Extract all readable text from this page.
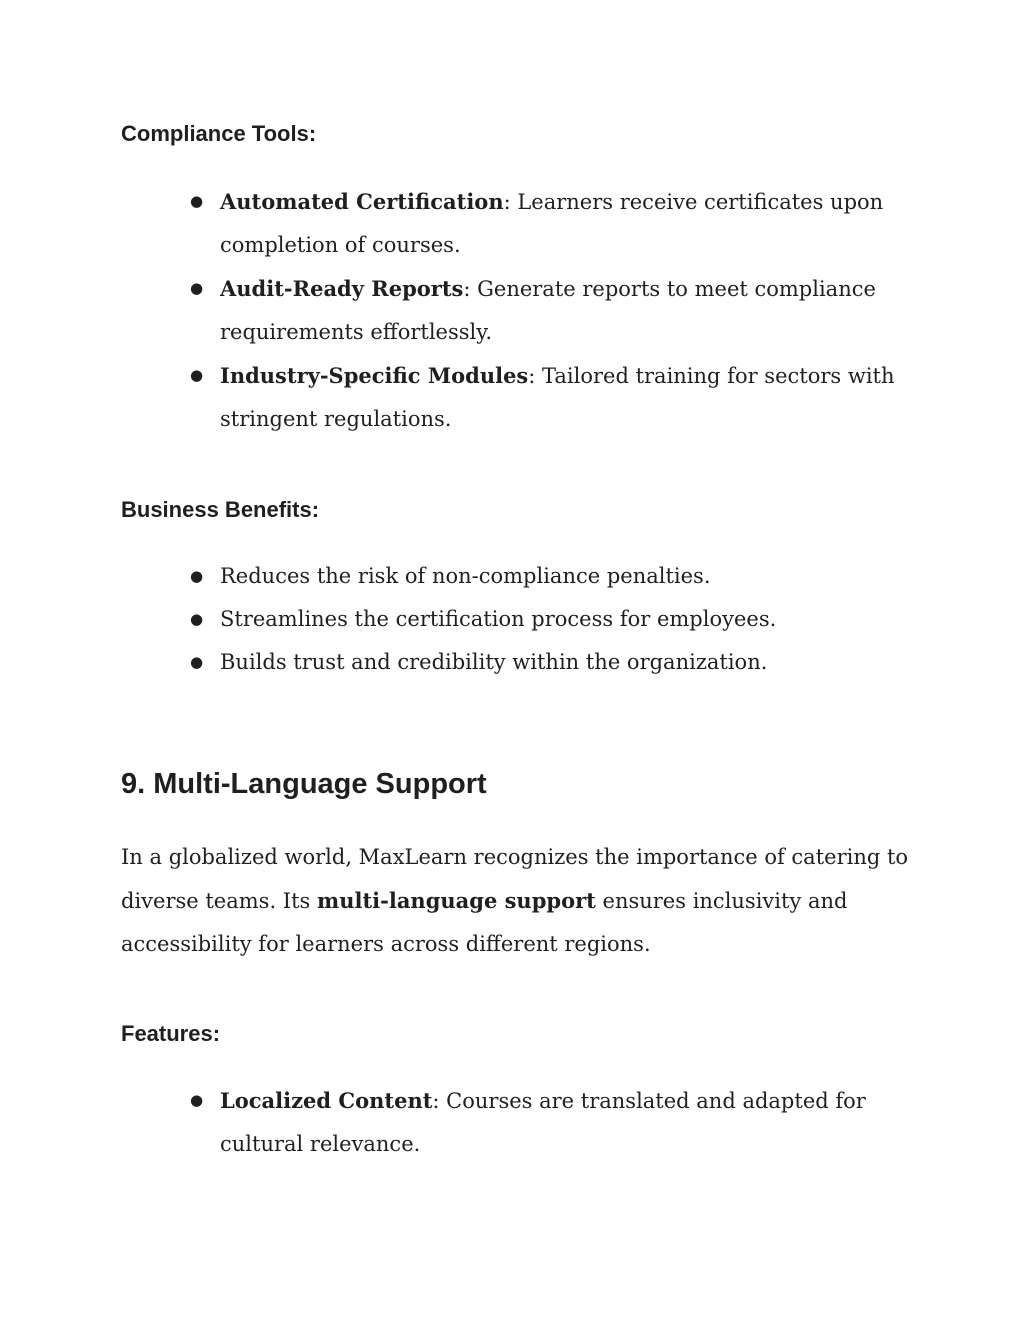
Compliance Tools:
● Automated Certification: Learners receive certificates upon completion of courses.
● Audit-Ready Reports: Generate reports to meet compliance requirements effortlessly.
● Industry-Specific Modules: Tailored training for sectors with stringent regulations.
Business Benefits:
● Reduces the risk of non-compliance penalties.
● Streamlines the certification process for employees.
● Builds trust and credibility within the organization.
9. Multi-Language Support

In a globalized world, MaxLearn recognizes the importance of catering to diverse teams. Its multi-language support ensures inclusivity and accessibility for learners across different regions.

Features:
● Localized Content: Courses are translated and adapted for cultural relevance.
